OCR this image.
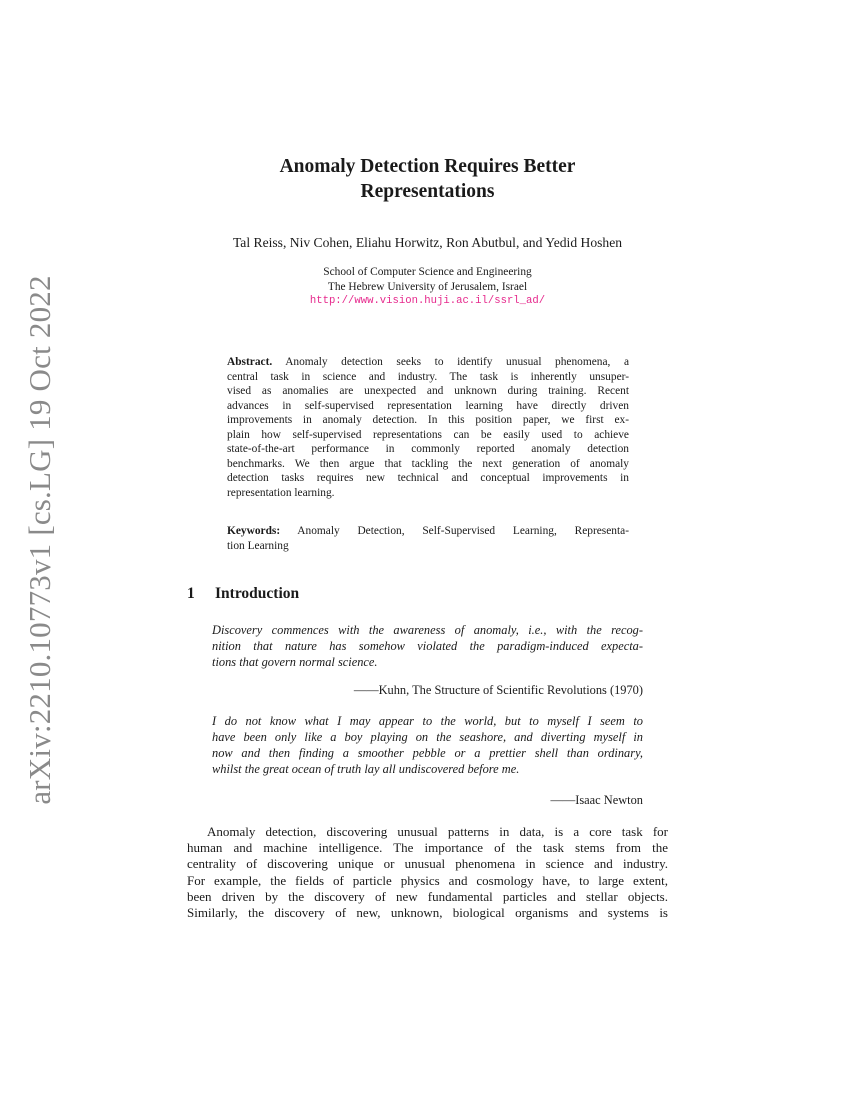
arXiv:2210.10773v1 [cs.LG] 19 Oct 2022
Anomaly Detection Requires Better
Representations
Tal Reiss, Niv Cohen, Eliahu Horwitz, Ron Abutbul, and Yedid Hoshen
School of Computer Science and Engineering
The Hebrew University of Jerusalem, Israel
http://www.vision.huji.ac.il/ssrl_ad/
Abstract. Anomaly detection seeks to identify unusual phenomena, a
central task in science and industry. The task is inherently unsuper-
vised as anomalies are unexpected and unknown during training. Recent
advances in self-supervised representation learning have directly driven
improvements in anomaly detection. In this position paper, we first ex-
plain how self-supervised representations can be easily used to achieve
state-of-the-art performance in commonly reported anomaly detection
benchmarks. We then argue that tackling the next generation of anomaly
detection tasks requires new technical and conceptual improvements in
representation learning.
Keywords: Anomaly Detection, Self-Supervised Learning, Representa-
tion Learning
1 Introduction
Discovery commences with the awareness of anomaly, i.e., with the recog-
nition that nature has somehow violated the paradigm-induced expecta-
tions that govern normal science.
——Kuhn, The Structure of Scientific Revolutions (1970)
I do not know what I may appear to the world, but to myself I seem to
have been only like a boy playing on the seashore, and diverting myself in
now and then finding a smoother pebble or a prettier shell than ordinary,
whilst the great ocean of truth lay all undiscovered before me.
——Isaac Newton
Anomaly detection, discovering unusual patterns in data, is a core task for
human and machine intelligence. The importance of the task stems from the
centrality of discovering unique or unusual phenomena in science and industry.
For example, the fields of particle physics and cosmology have, to large extent,
been driven by the discovery of new fundamental particles and stellar objects.
Similarly, the discovery of new, unknown, biological organisms and systems is
